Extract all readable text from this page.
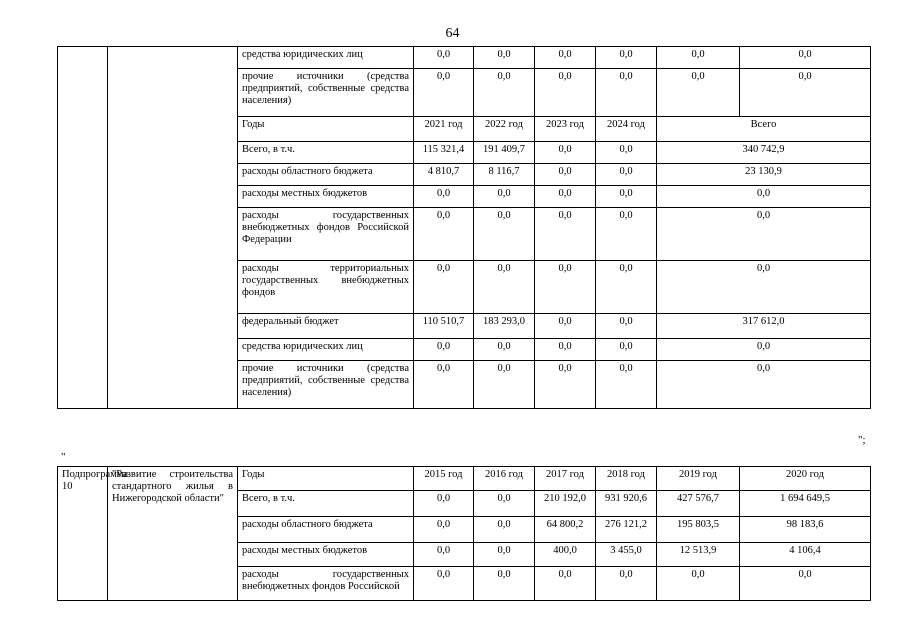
64
		средства юридических лиц	0,0	0,0	0,0	0,0	0,0	0,0
		прочие источники (средства предприятий, собственные средства населения)	0,0	0,0	0,0	0,0	0,0	0,0
		Годы	2021 год	2022 год	2023 год	2024 год	Всего	
		Всего, в т.ч.	115 321,4	191 409,7	0,0	0,0	340 742,9	
		расходы областного бюджета	4 810,7	8 116,7	0,0	0,0	23 130,9	
		расходы местных бюджетов	0,0	0,0	0,0	0,0	0,0	
		расходы государственных внебюджетных фондов Российской Федерации	0,0	0,0	0,0	0,0	0,0	
		расходы территориальных государственных внебюджетных фондов	0,0	0,0	0,0	0,0	0,0	
		федеральный бюджет	110 510,7	183 293,0	0,0	0,0	317 612,0	
		средства юридических лиц	0,0	0,0	0,0	0,0	0,0	
		прочие источники (средства предприятий, собственные средства населения)	0,0	0,0	0,0	0,0	0,0	
";
"
Подпрограмма 10	"Развитие строительства стандартного жилья в Нижегородской области"	Годы	2015 год	2016 год	2017 год	2018 год	2019 год	2020 год
		Всего, в т.ч.	0,0	0,0	210 192,0	931 920,6	427 576,7	1 694 649,5
		расходы областного бюджета	0,0	0,0	64 800,2	276 121,2	195 803,5	98 183,6
		расходы местных бюджетов	0,0	0,0	400,0	3 455,0	12 513,9	4 106,4
		расходы государственных внебюджетных фондов Российской	0,0	0,0	0,0	0,0	0,0	0,0
